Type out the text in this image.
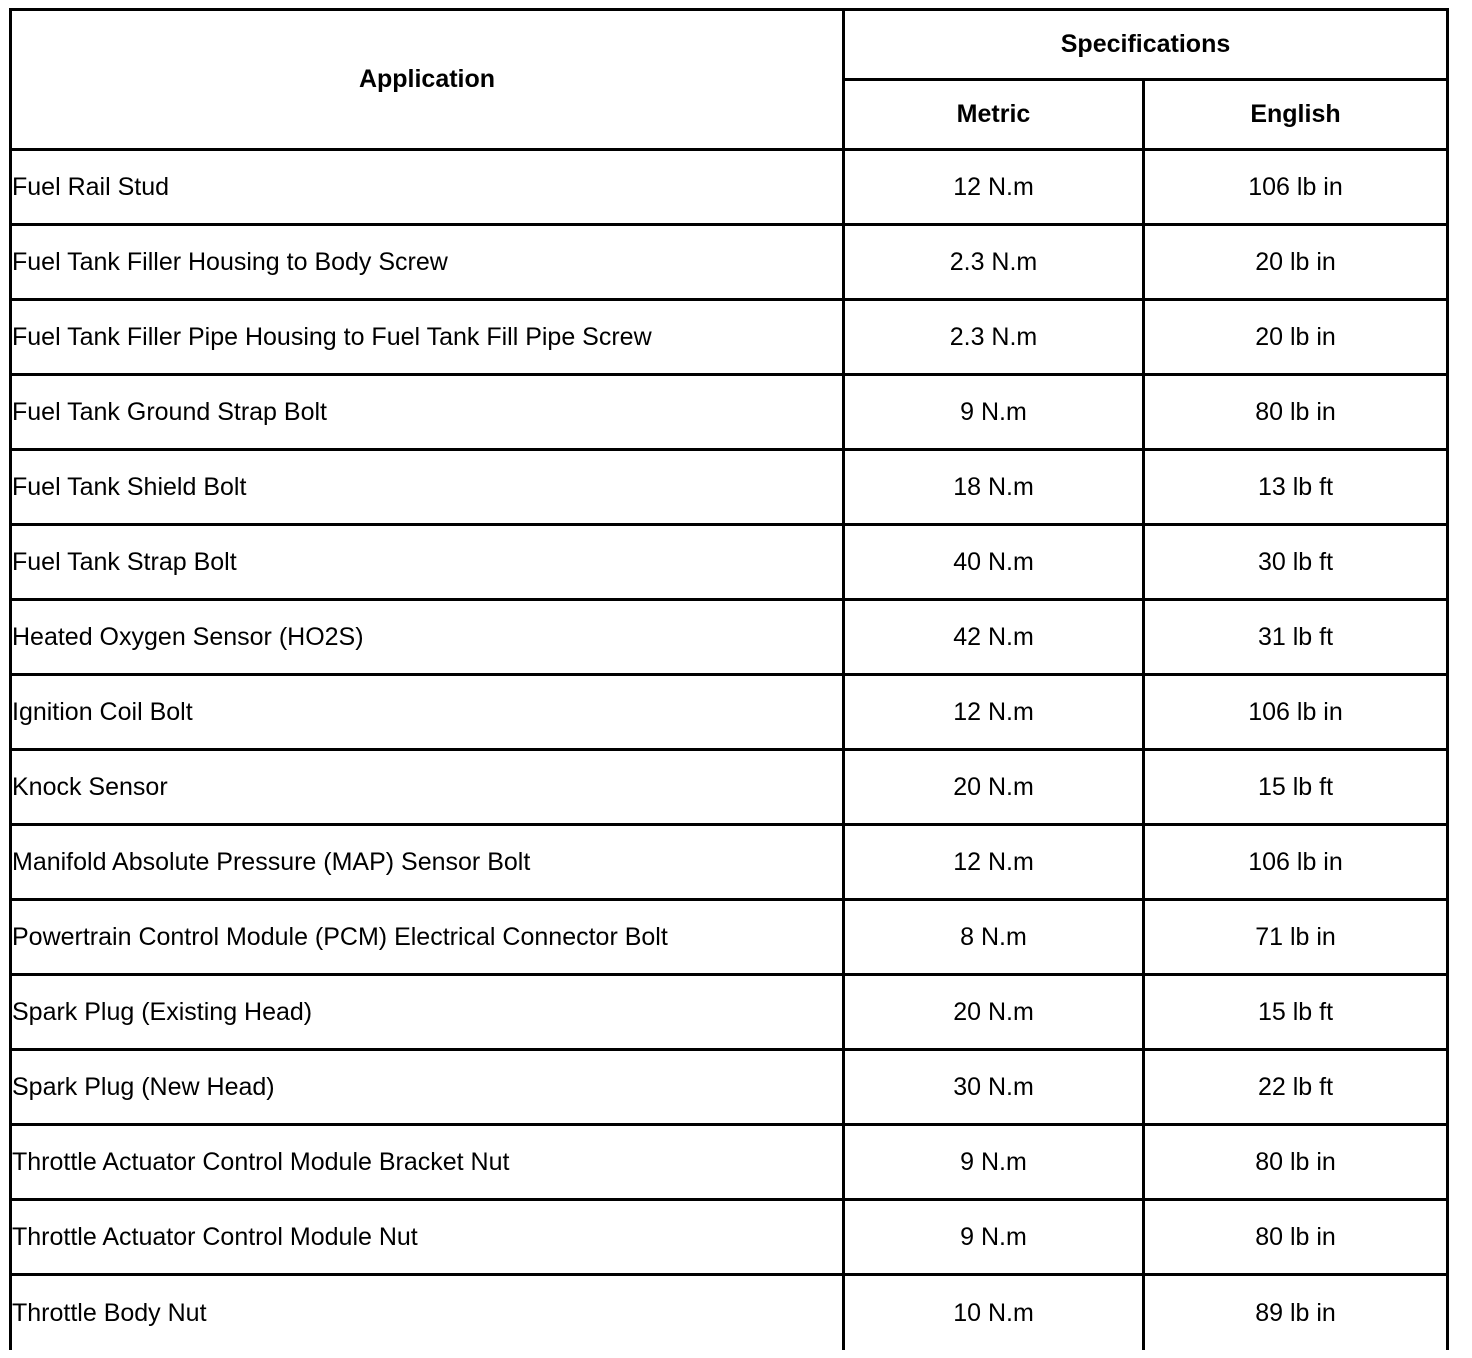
Application	Specifications	
	Metric	English
Fuel Rail Stud	12 N.m	106 lb in
Fuel Tank Filler Housing to Body Screw	2.3 N.m	20 lb in
Fuel Tank Filler Pipe Housing to Fuel Tank Fill Pipe Screw	2.3 N.m	20 lb in
Fuel Tank Ground Strap Bolt	9 N.m	80 lb in
Fuel Tank Shield Bolt	18 N.m	13 lb ft
Fuel Tank Strap Bolt	40 N.m	30 lb ft
Heated Oxygen Sensor (HO2S)	42 N.m	31 lb ft
Ignition Coil Bolt	12 N.m	106 lb in
Knock Sensor	20 N.m	15 lb ft
Manifold Absolute Pressure (MAP) Sensor Bolt	12 N.m	106 lb in
Powertrain Control Module (PCM) Electrical Connector Bolt	8 N.m	71 lb in
Spark Plug (Existing Head)	20 N.m	15 lb ft
Spark Plug (New Head)	30 N.m	22 lb ft
Throttle Actuator Control Module Bracket Nut	9 N.m	80 lb in
Throttle Actuator Control Module Nut	9 N.m	80 lb in
Throttle Body Nut	10 N.m	89 lb in
